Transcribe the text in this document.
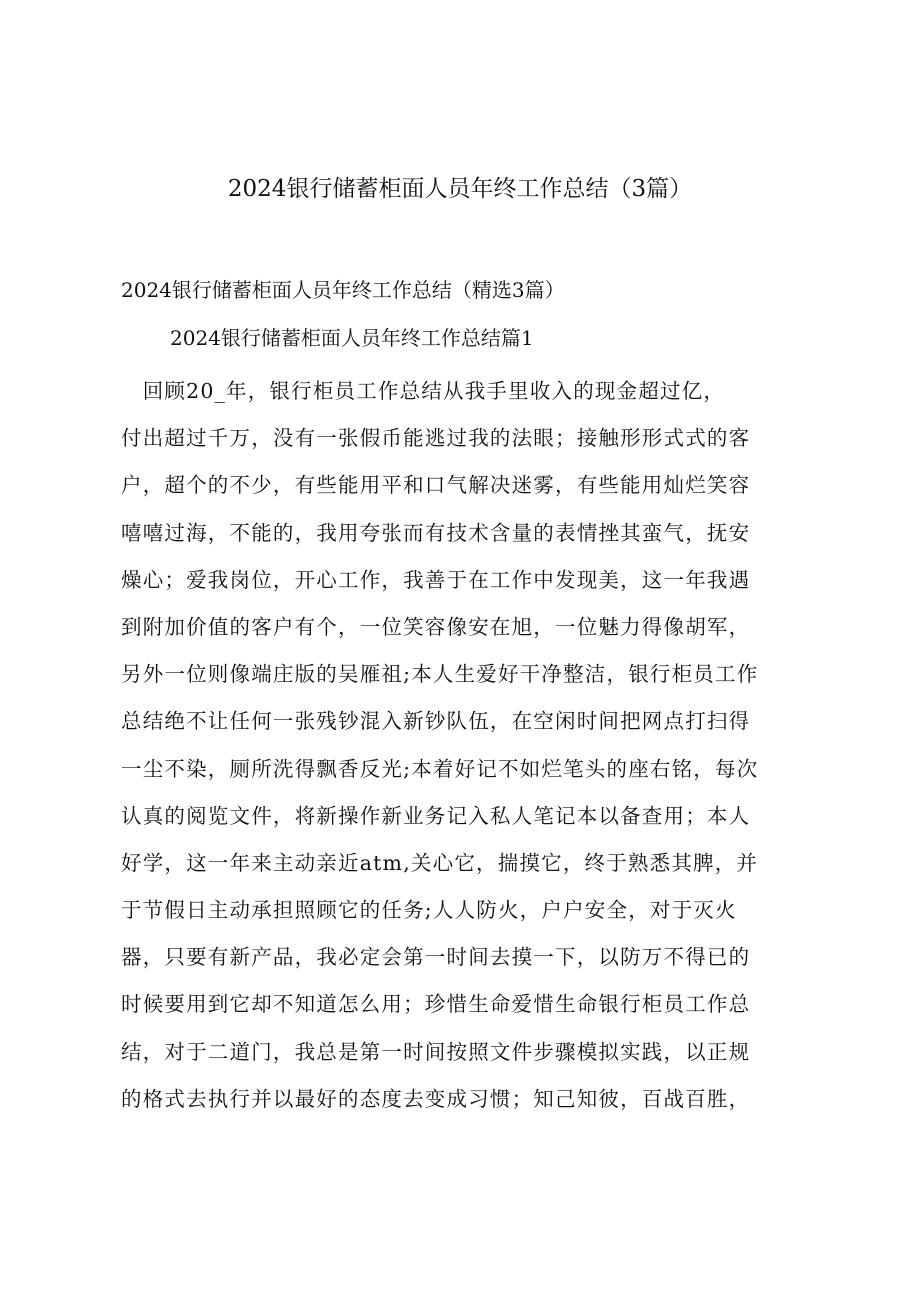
2024银行储蓄柜面人员年终工作总结（3篇）
2024银行储蓄柜面人员年终工作总结（精选3篇）
2024银行储蓄柜面人员年终工作总结篇1
　回顾20_年，银行柜员工作总结从我手里收入的现金超过亿，
付出超过千万，没有一张假币能逃过我的法眼；接触形形式式的客
户，超个的不少，有些能用平和口气解决迷雾，有些能用灿烂笑容
嘻嘻过海，不能的，我用夸张而有技术含量的表情挫其蛮气，抚安
燥心；爱我岗位，开心工作，我善于在工作中发现美，这一年我遇
到附加价值的客户有个，一位笑容像安在旭，一位魅力得像胡军，
另外一位则像端庄版的吴雁祖;本人生爱好干净整洁，银行柜员工作
总结绝不让任何一张残钞混入新钞队伍，在空闲时间把网点打扫得
一尘不染，厕所洗得飘香反光;本着好记不如烂笔头的座右铭，每次
认真的阅览文件，将新操作新业务记入私人笔记本以备查用；本人
好学，这一年来主动亲近atm,关心它，揣摸它，终于熟悉其脾，并
于节假日主动承担照顾它的任务;人人防火，户户安全，对于灭火
器，只要有新产品，我必定会第一时间去摸一下，以防万不得已的
时候要用到它却不知道怎么用；珍惜生命爱惜生命银行柜员工作总
结，对于二道门，我总是第一时间按照文件步骤模拟实践，以正规
的格式去执行并以最好的态度去变成习惯；知己知彼，百战百胜，
